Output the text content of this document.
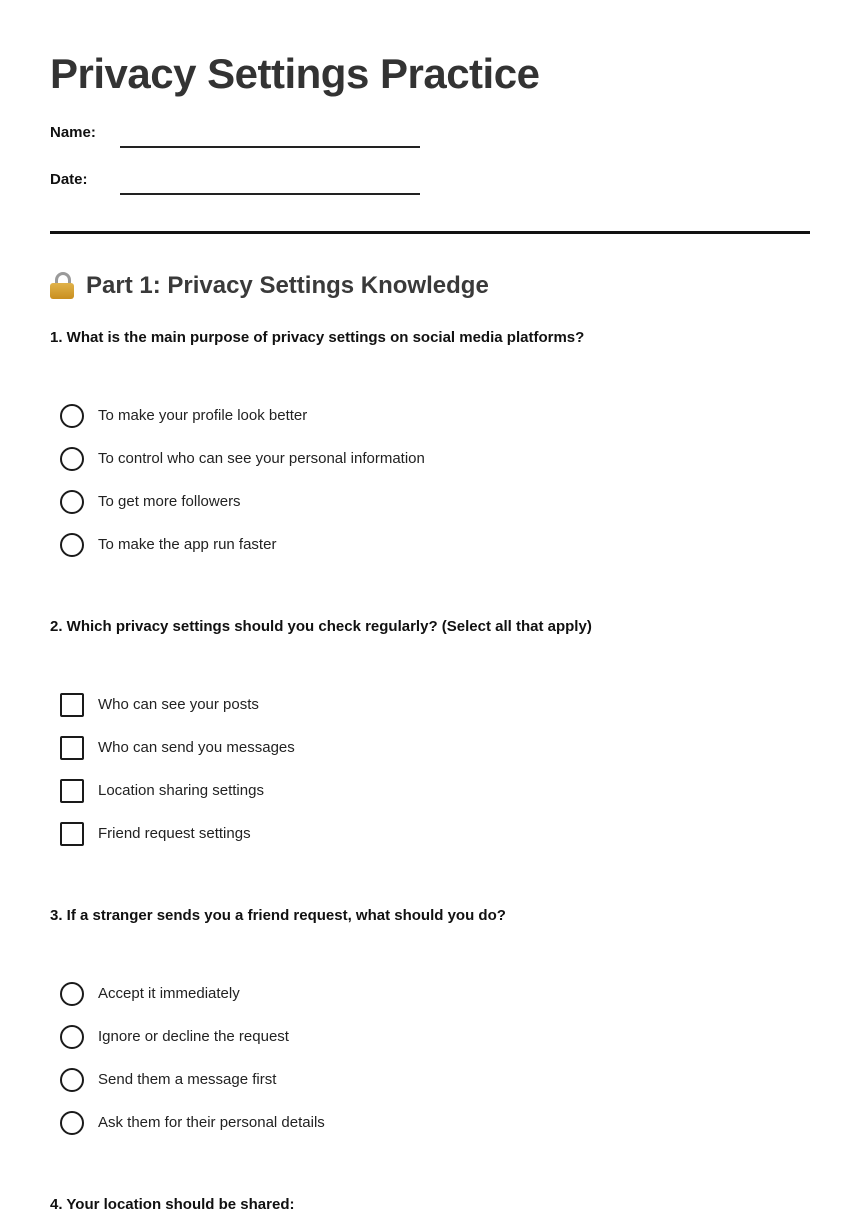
Privacy Settings Practice
Name:
Date:
Part 1: Privacy Settings Knowledge
1. What is the main purpose of privacy settings on social media platforms?
To make your profile look better
To control who can see your personal information
To get more followers
To make the app run faster
2. Which privacy settings should you check regularly? (Select all that apply)
Who can see your posts
Who can send you messages
Location sharing settings
Friend request settings
3. If a stranger sends you a friend request, what should you do?
Accept it immediately
Ignore or decline the request
Send them a message first
Ask them for their personal details
4. Your location should be shared:
